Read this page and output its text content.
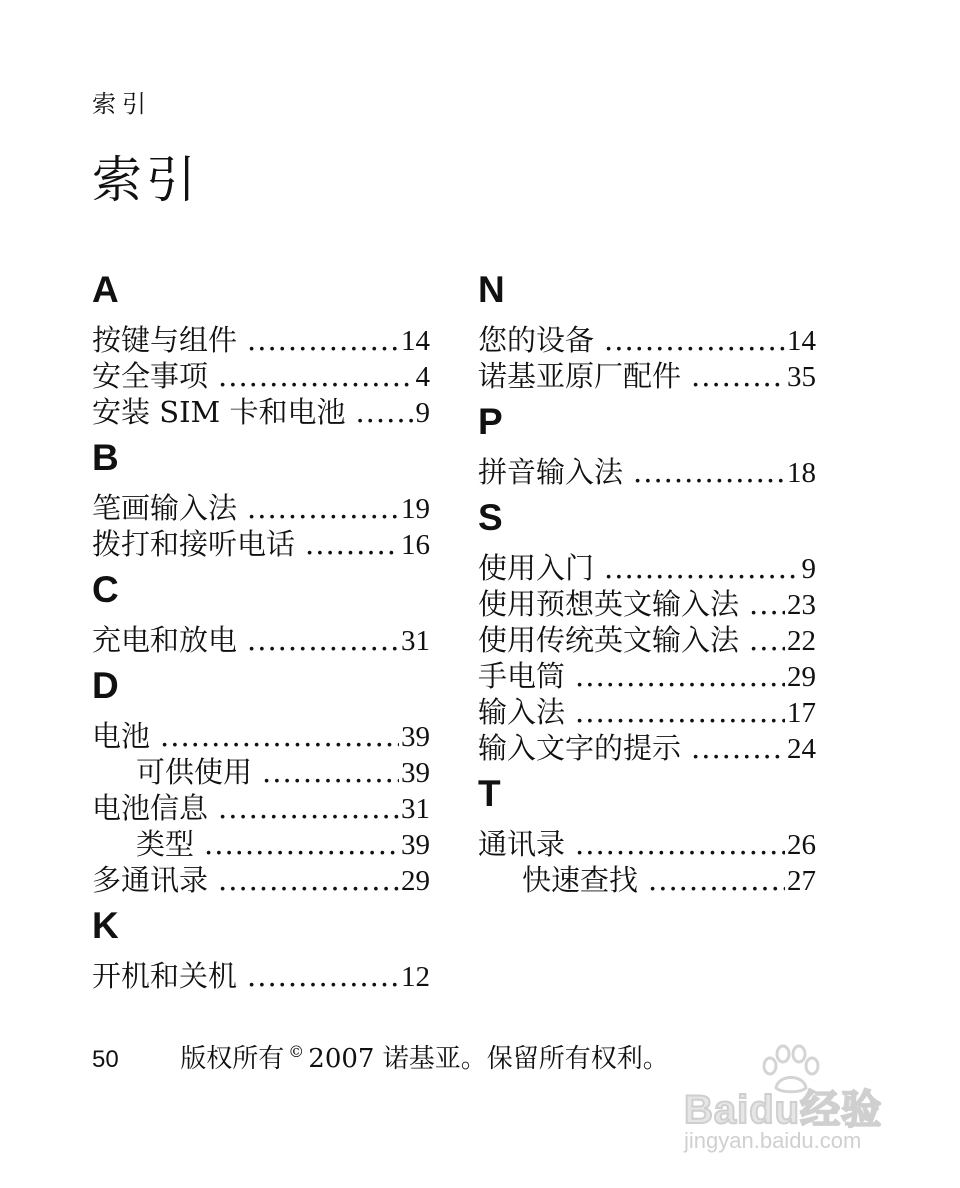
索引
索引
A
按键与组件 .....	14
安全事项 .....	4
安装 SIM 卡和电池 ..... 9
B
笔画输入法 .....	19
拨打和接听电话 .....	16
C
充电和放电 .....	31
D
电池 .....	39
可供使用 .....	39
电池信息 .....	31
类型 .....	39
多通讯录 .....	29
K
开机和关机 .....	12
N
您的设备 .....	14
诺基亚原厂配件 .....	35
P
拼音输入法 .....	18
S
使用入门 .....	9
使用预想英文输入法 ..... 23
使用传统英文输入法 ..... 22
手电筒 .....	29
输入法 .....	17
输入文字的提示 .....	24
T
通讯录 .....	26
快速查找 .....	27
50 版权所有 © 2007 诺基亚。保留所有权利。
Baidu经验
jingyan.baidu.com
